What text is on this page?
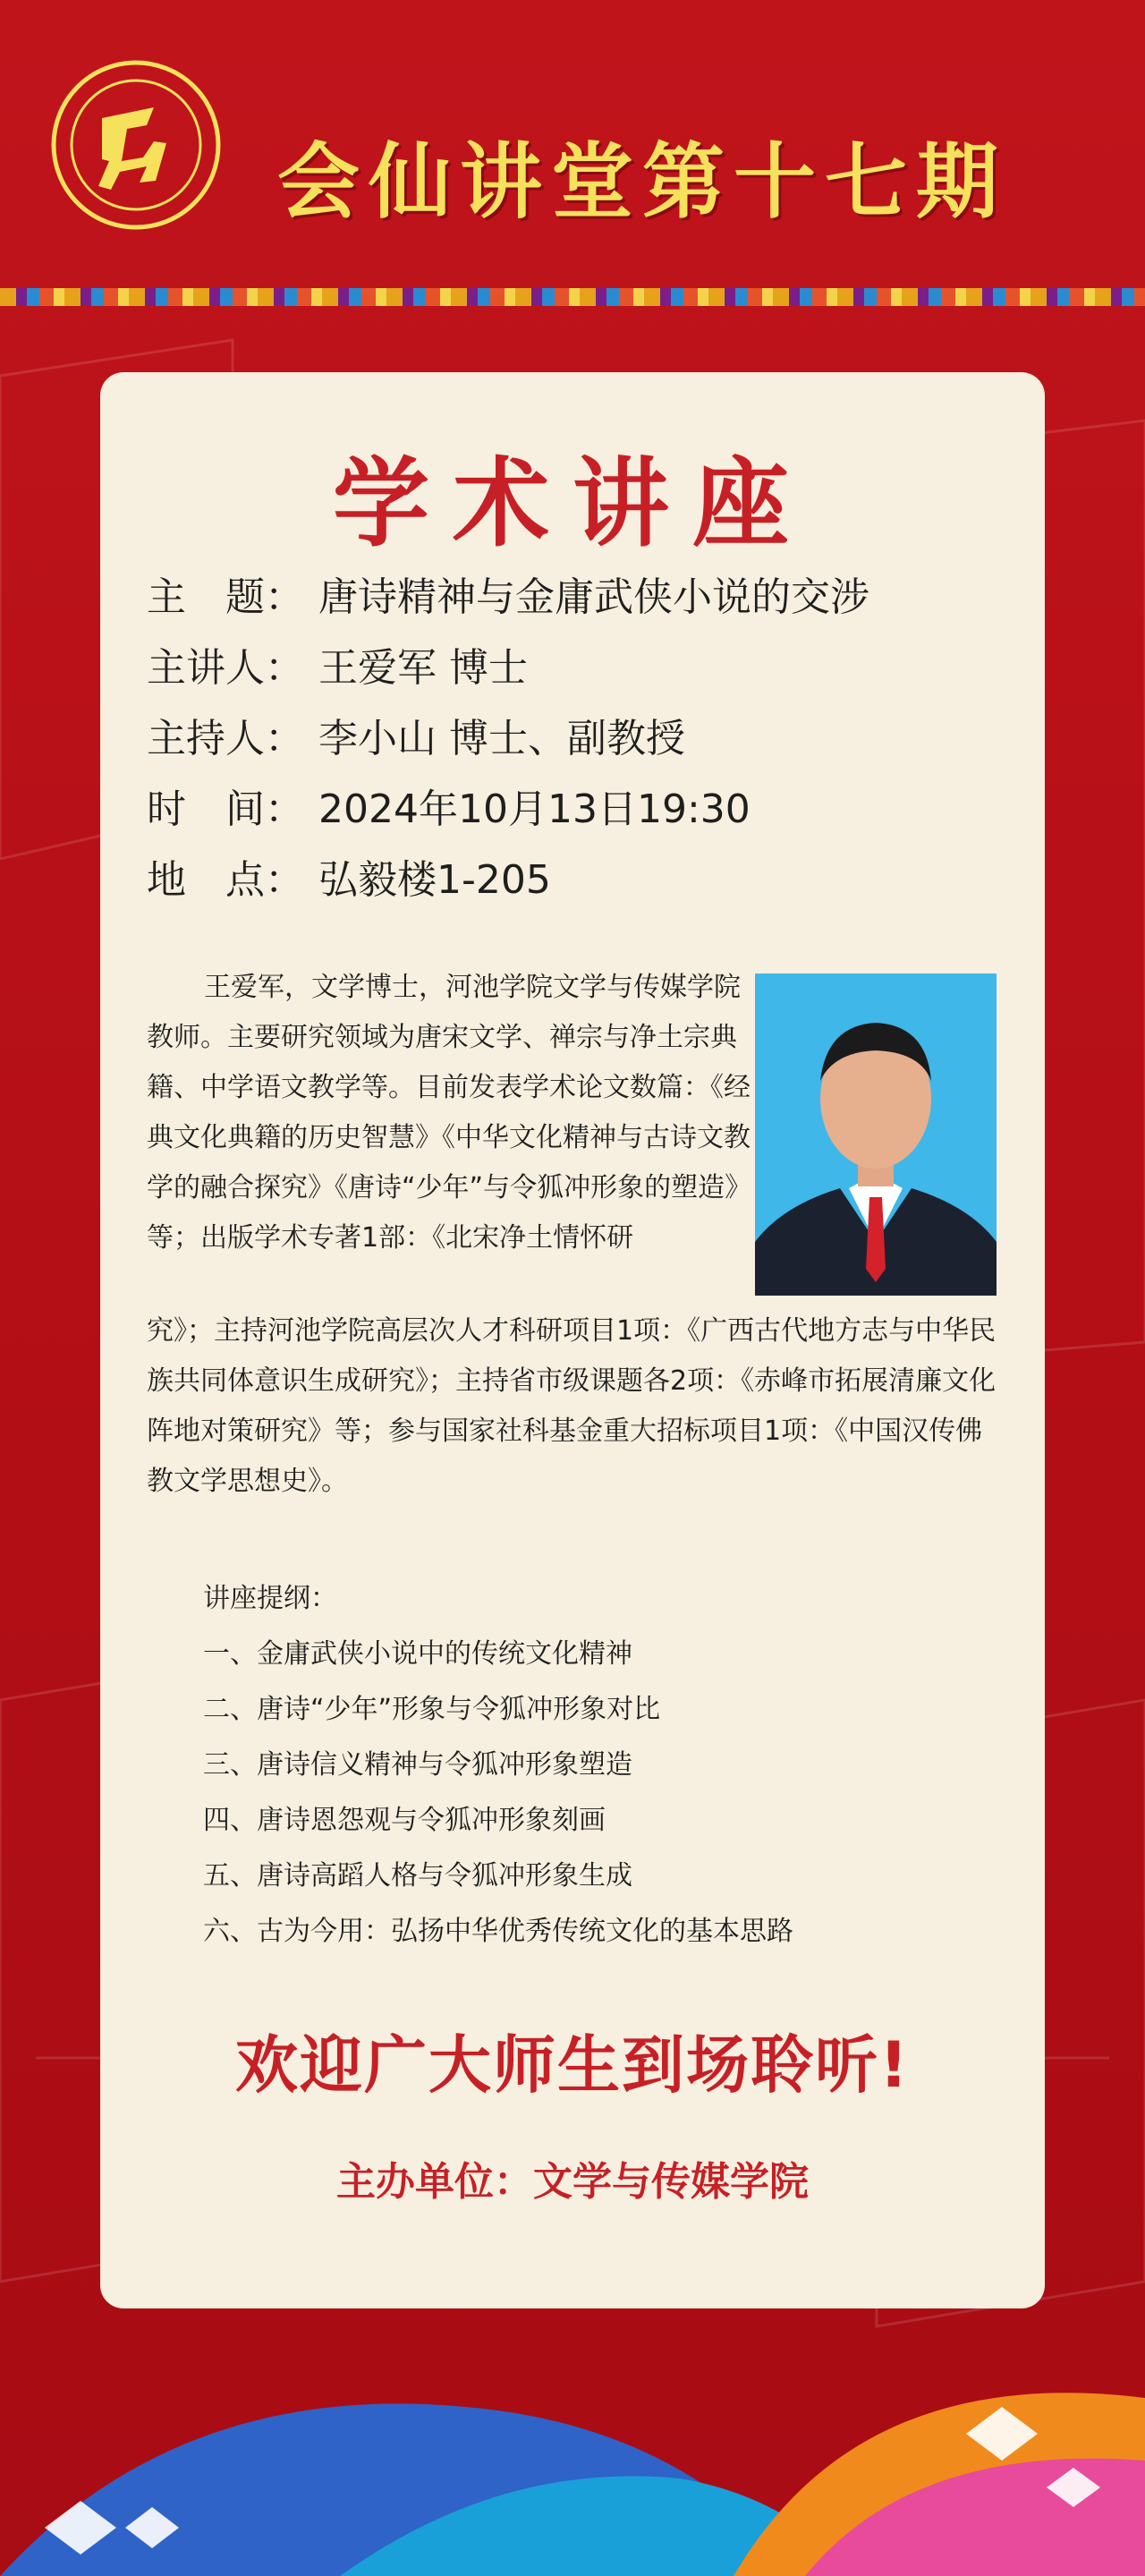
会仙讲堂第十七期
学术讲座
主　题： 唐诗精神与金庸武侠小说的交涉
主讲人： 王爱军 博士
主持人： 李小山 博士、副教授
时　间： 2024年10月13日19:30
地　点： 弘毅楼1-205
王爱军，文学博士，河池学院文学与传媒学院教师。主要研究领域为唐宋文学、禅宗与净土宗典籍、中学语文教学等。目前发表学术论文数篇：《经典文化典籍的历史智慧》《中华文化精神与古诗文教学的融合探究》《唐诗“少年”与令狐冲形象的塑造》等；出版学术专著1部：《北宋净土情怀研
究》；主持河池学院高层次人才科研项目1项：《广西古代地方志与中华民族共同体意识生成研究》；主持省市级课题各2项：《赤峰市拓展清廉文化阵地对策研究》等；参与国家社科基金重大招标项目1项：《中国汉传佛教文学思想史》。
讲座提纲：
一、金庸武侠小说中的传统文化精神
二、唐诗“少年”形象与令狐冲形象对比
三、唐诗信义精神与令狐冲形象塑造
四、唐诗恩怨观与令狐冲形象刻画
五、唐诗高蹈人格与令狐冲形象生成
六、古为今用：弘扬中华优秀传统文化的基本思路
欢迎广大师生到场聆听!
主办单位：文学与传媒学院
